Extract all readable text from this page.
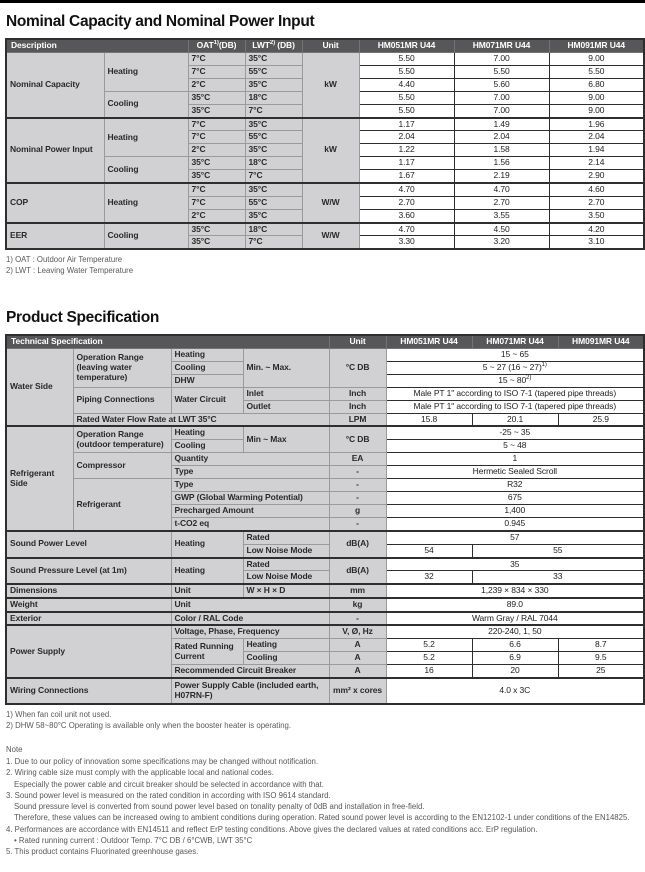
Nominal Capacity and Nominal Power Input
Description		OAT$^{1)}$(DB)	LWT$^{2)}$ (DB)	Unit	HM051MR U44	HM071MR U44	HM091MR U44
Nominal Capacity	Heating	7°C	35°C	kW	5.50	7.00	9.00
		7°C	55°C		5.50	5.50	5.50
		2°C	35°C		4.40	5.60	6.80
	Cooling	35°C	18°C		5.50	7.00	9.00
		35°C	7°C		5.50	7.00	9.00
Nominal Power Input	Heating	7°C	35°C	kW	1.17	1.49	1.96
		7°C	55°C		2.04	2.04	2.04
		2°C	35°C		1.22	1.58	1.94
	Cooling	35°C	18°C		1.17	1.56	2.14
		35°C	7°C		1.67	2.19	2.90
COP	Heating	7°C	35°C	W/W	4.70	4.70	4.60
		7°C	55°C		2.70	2.70	2.70
		2°C	35°C		3.60	3.55	3.50
EER	Cooling	35°C	18°C	W/W	4.70	4.50	4.20
		35°C	7°C		3.30	3.20	3.10
1) OAT : Outdoor Air Temperature
2) LWT : Leaving Water Temperature
Product Specification
Technical Specification				Unit	HM051MR U44	HM071MR U44	HM091MR U44
Water Side	Operation Range (leaving water temperature)	Heating	Min. ~ Max.	°C DB	15 ~ 65		
		Cooling			5 ~ 27 (16 ~ 27)$^{1)}$
		DHW			15 ~ 80$^{2)}$
	Piping Connections	Water Circuit	Inlet	Inch	Male PT 1" according to ISO 7-1 (tapered pipe threads)		
			Outlet	Inch	Male PT 1" according to ISO 7-1 (tapered pipe threads)		
	Rated Water Flow Rate at LWT 35°C			LPM	15.8	20.1	25.9
Refrigerant Side	Operation Range (outdoor temperature)	Heating	Min ~ Max	°C DB	-25 ~ 35		
		Cooling			5 ~ 48		
	Compressor	Quantity		EA	1		
		Type		-	Hermetic Sealed Scroll		
	Refrigerant	Type		-	R32		
		GWP (Global Warming Potential)		-	675		
		Precharged Amount		g	1,400		
		t-CO2 eq		-	0.945		
Sound Power Level		Heating	Rated	dB(A)	57		
			Low Noise Mode		54	55	
Sound Pressure Level (at 1m)		Heating	Rated	dB(A)	35		
			Low Noise Mode		32	33	
Dimensions		Unit	W × H × D	mm	1,239 × 834 × 330		
Weight		Unit		kg	89.0		
Exterior		Color / RAL Code		-	Warm Gray / RAL 7044		
Power Supply		Voltage, Phase, Frequency		V, Ø, Hz	220-240, 1, 50		
		Rated Running Current	Heating	A	5.2	6.6	8.7
			Cooling	A	5.2	6.9	9.5
		Recommended Circuit Breaker		A	16	20	25
Wiring Connections		Power Supply Cable (included earth, H07RN-F)		mm² x cores	4.0 x 3C		
1) When fan coil unit not used.
2) DHW 58~80°C Operating is available only when the booster heater is operating.
Note
1. Due to our policy of innovation some specifications may be changed without notification.
2. Wiring cable size must comply with the applicable local and national codes.
Especially the power cable and circuit breaker should be selected in accordance with that.
3. Sound power level is measured on the rated condition in according with ISO 9614 standard.
Sound pressure level is converted from sound power level based on tonality penalty of 0dB and installation in free-field.
Therefore, these values can be increased owing to ambient conditions during operation. Rated sound power level is according to the EN12102-1 under conditions of the EN14825.
4. Performances are accordance with EN14511 and reflect ErP testing conditions. Above gives the declared values at rated conditions acc. ErP regulation.
• Rated running current : Outdoor Temp. 7°C DB / 6°CWB, LWT 35°C
5. This product contains Fluorinated greenhouse gases.
